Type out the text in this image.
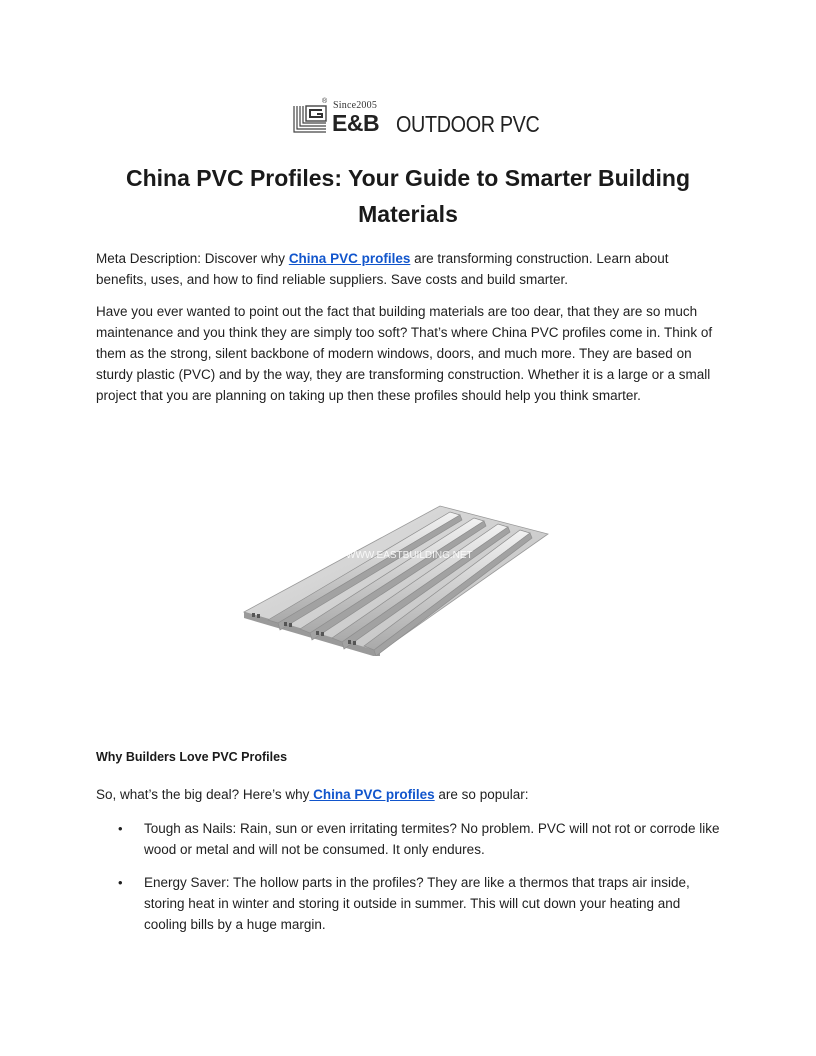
® Since2005
E&B OUTDOOR PVC
China PVC Profiles: Your Guide to Smarter Building Materials
Meta Description: Discover why China PVC profiles are transforming construction. Learn about benefits, uses, and how to find reliable suppliers. Save costs and build smarter.
Have you ever wanted to point out the fact that building materials are too dear, that they are so much maintenance and you think they are simply too soft? That’s where China PVC profiles come in. Think of them as the strong, silent backbone of modern windows, doors, and much more. They are based on sturdy plastic (PVC) and by the way, they are transforming construction. Whether it is a large or a small project that you are planning on taking up then these profiles should help you think smarter.
WWW.EASTBUILDING.NET
Why Builders Love PVC Profiles
So, what’s the big deal? Here’s why China PVC profiles are so popular:
• Tough as Nails: Rain, sun or even irritating termites? No problem. PVC will not rot or corrode like wood or metal and will not be consumed. It only endures.
• Energy Saver: The hollow parts in the profiles? They are like a thermos that traps air inside, storing heat in winter and storing it outside in summer. This will cut down your heating and cooling bills by a huge margin.
